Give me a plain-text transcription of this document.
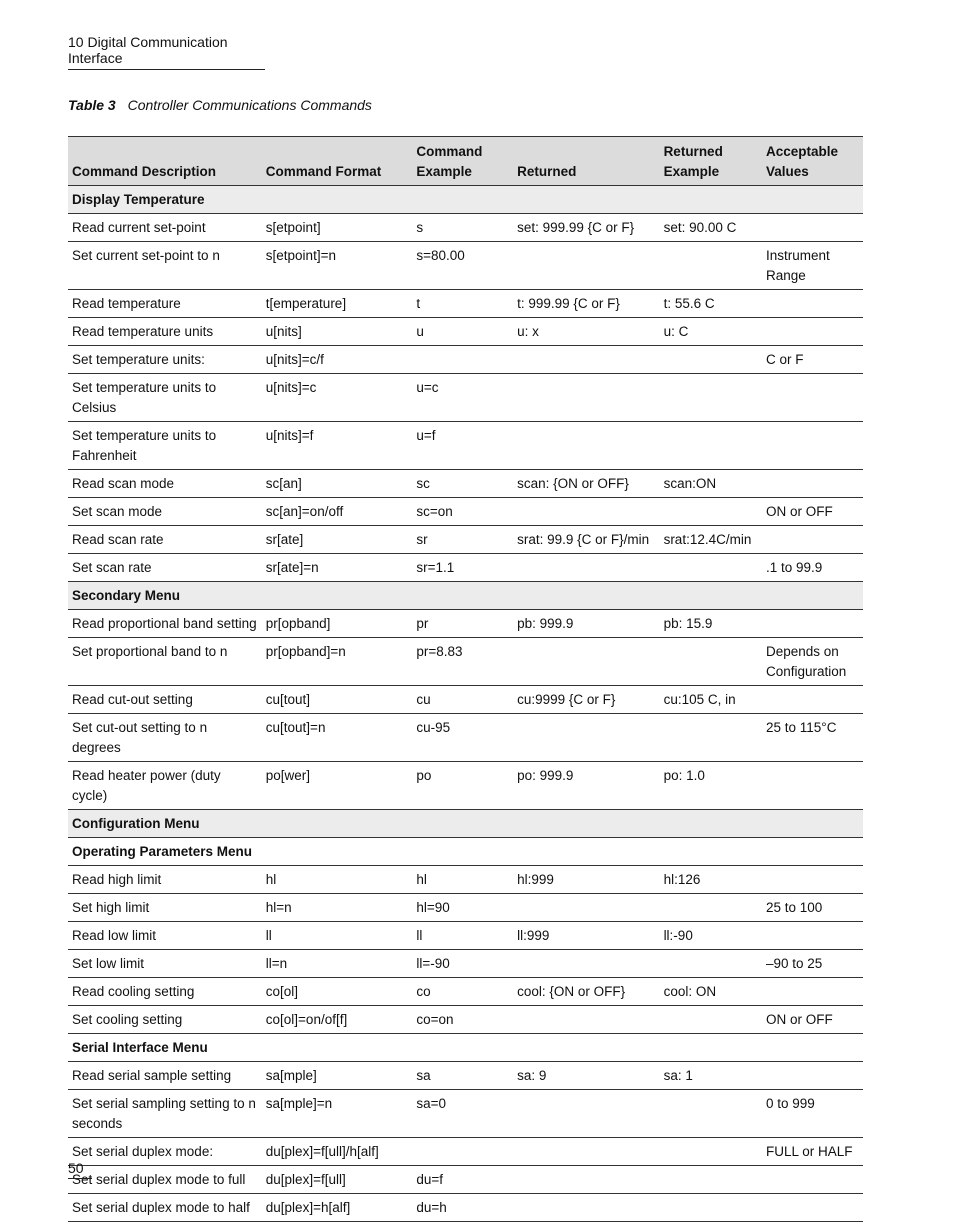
10 Digital Communication Interface
Table 3 Controller Communications Commands
Command Description	Command Format	Command Example	Returned	Returned Example	Acceptable Values
Display Temperature					
Read current set-point	s[etpoint]	s	set: 999.99 {C or F}	set: 90.00 C	
Set current set-point to n	s[etpoint]=n	s=80.00			Instrument Range
Read temperature	t[emperature]	t	t: 999.99 {C or F}	t: 55.6 C	
Read temperature units	u[nits]	u	u: x	u: C	
Set temperature units:	u[nits]=c/f				C or F
Set temperature units to Celsius	u[nits]=c	u=c			
Set temperature units to Fahrenheit	u[nits]=f	u=f			
Read scan mode	sc[an]	sc	scan: {ON or OFF}	scan:ON	
Set scan mode	sc[an]=on/off	sc=on			ON or OFF
Read scan rate	sr[ate]	sr	srat: 99.9 {C or F}/min	srat:12.4C/min	
Set scan rate	sr[ate]=n	sr=1.1			.1 to 99.9
Secondary Menu					
Read proportional band setting	pr[opband]	pr	pb: 999.9	pb: 15.9	
Set proportional band to n	pr[opband]=n	pr=8.83			Depends on Configuration
Read cut-out setting	cu[tout]	cu	cu:9999 {C or F}	cu:105 C, in	
Set cut-out setting to n degrees	cu[tout]=n	cu-95			25 to 115°C
Read heater power (duty cycle)	po[wer]	po	po: 999.9	po: 1.0	
Configuration Menu					
Operating Parameters Menu					
Read high limit	hl	hl	hl:999	hl:126	
Set high limit	hl=n	hl=90			25 to 100
Read low limit	ll	ll	ll:999	ll:-90	
Set low limit	ll=n	ll=-90			–90 to 25
Read cooling setting	co[ol]	co	cool: {ON or OFF}	cool: ON	
Set cooling setting	co[ol]=on/of[f]	co=on			ON or OFF
Serial Interface Menu					
Read serial sample setting	sa[mple]	sa	sa: 9	sa: 1	
Set serial sampling setting to n seconds	sa[mple]=n	sa=0			0 to 999
Set serial duplex mode:	du[plex]=f[ull]/h[alf]				FULL or HALF
Set serial duplex mode to full	du[plex]=f[ull]	du=f			
Set serial duplex mode to half	du[plex]=h[alf]	du=h			
50
